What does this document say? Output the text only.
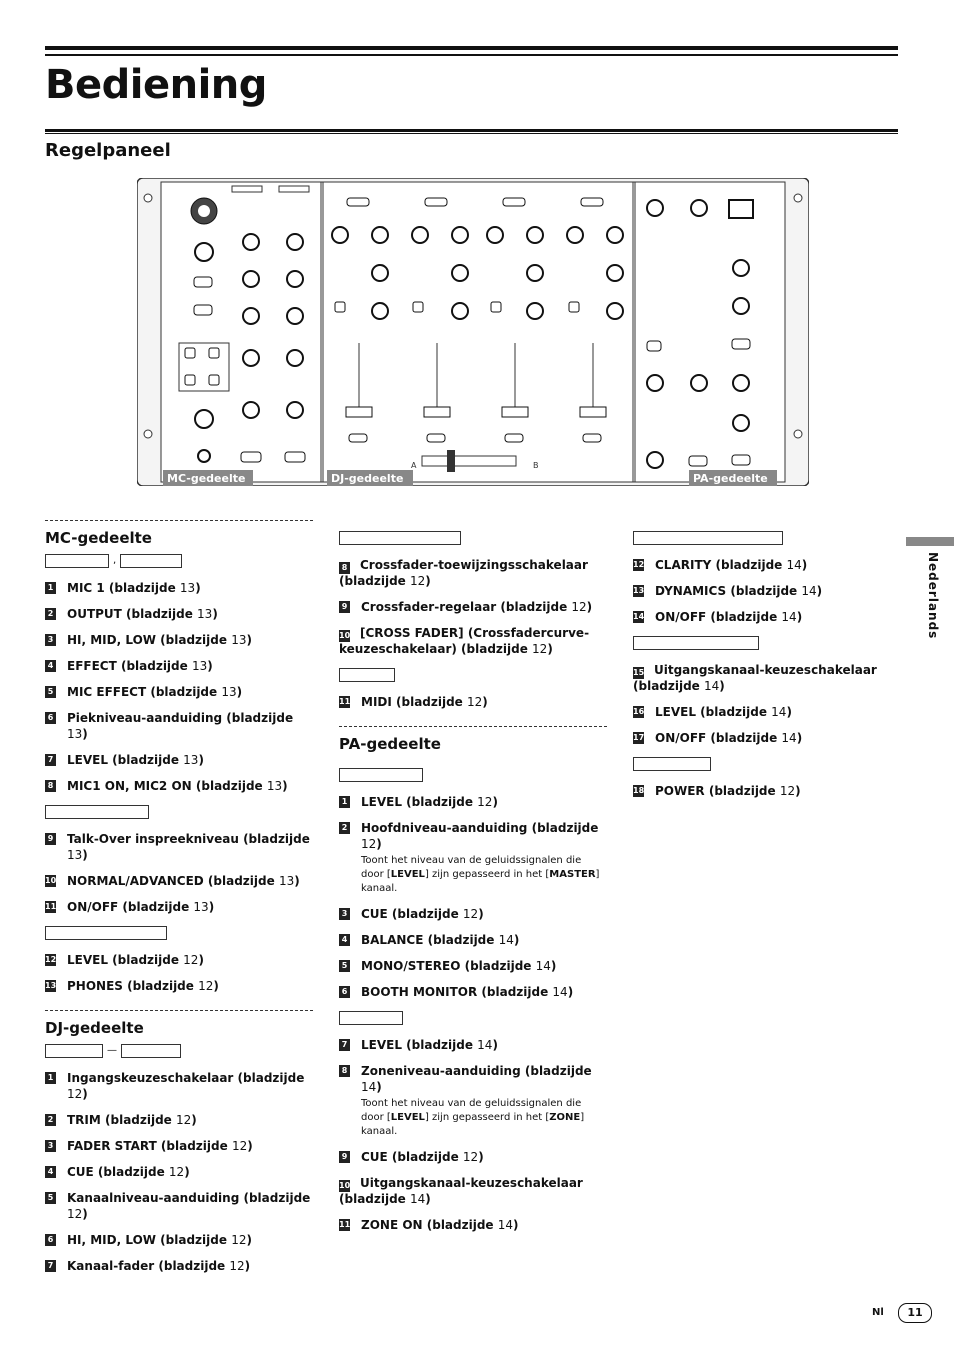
Bediening
Regelpaneel
MC-gedeelte	DJ-gedeelte	PA-gedeelte
A	B
Nederlands
MC-gedeelte
,
1 MIC 1 (bladzijde 13)
2 OUTPUT (bladzijde 13)
3 HI, MID, LOW (bladzijde 13)
4 EFFECT (bladzijde 13)
5 MIC EFFECT (bladzijde 13)
6 Piekniveau-aanduiding (bladzijde 13)
7 LEVEL (bladzijde 13)
8 MIC1 ON, MIC2 ON (bladzijde 13)
9 Talk-Over inspreekniveau (bladzijde 13)
10 NORMAL/ADVANCED (bladzijde 13)
11 ON/OFF (bladzijde 13)
12 LEVEL (bladzijde 12)
13 PHONES (bladzijde 12)
DJ-gedeelte
—
1 Ingangskeuzeschakelaar (bladzijde 12)
2 TRIM (bladzijde 12)
3 FADER START (bladzijde 12)
4 CUE (bladzijde 12)
5 Kanaalniveau-aanduiding (bladzijde 12)
6 HI, MID, LOW (bladzijde 12)
7 Kanaal-fader (bladzijde 12)
8 Crossfader-toewijzingsschakelaar (bladzijde 12)
9 Crossfader-regelaar (bladzijde 12)
10 [CROSS FADER] (Crossfadercurve-keuzeschakelaar) (bladzijde 12)
11 MIDI (bladzijde 12)
PA-gedeelte
1 LEVEL (bladzijde 12)
2 Hoofdniveau-aanduiding (bladzijde 12)
Toont het niveau van de geluidssignalen die door [LEVEL] zijn gepasseerd in het [MASTER] kanaal.
3 CUE (bladzijde 12)
4 BALANCE (bladzijde 14)
5 MONO/STEREO (bladzijde 14)
6 BOOTH MONITOR (bladzijde 14)
7 LEVEL (bladzijde 14)
8 Zoneniveau-aanduiding (bladzijde 14)
Toont het niveau van de geluidssignalen die door [LEVEL] zijn gepasseerd in het [ZONE] kanaal.
9 CUE (bladzijde 12)
10 Uitgangskanaal-keuzeschakelaar (bladzijde 14)
11 ZONE ON (bladzijde 14)
12 CLARITY (bladzijde 14)
13 DYNAMICS (bladzijde 14)
14 ON/OFF (bladzijde 14)
15 Uitgangskanaal-keuzeschakelaar (bladzijde 14)
16 LEVEL (bladzijde 14)
17 ON/OFF (bladzijde 14)
18 POWER (bladzijde 12)
Nl	11
